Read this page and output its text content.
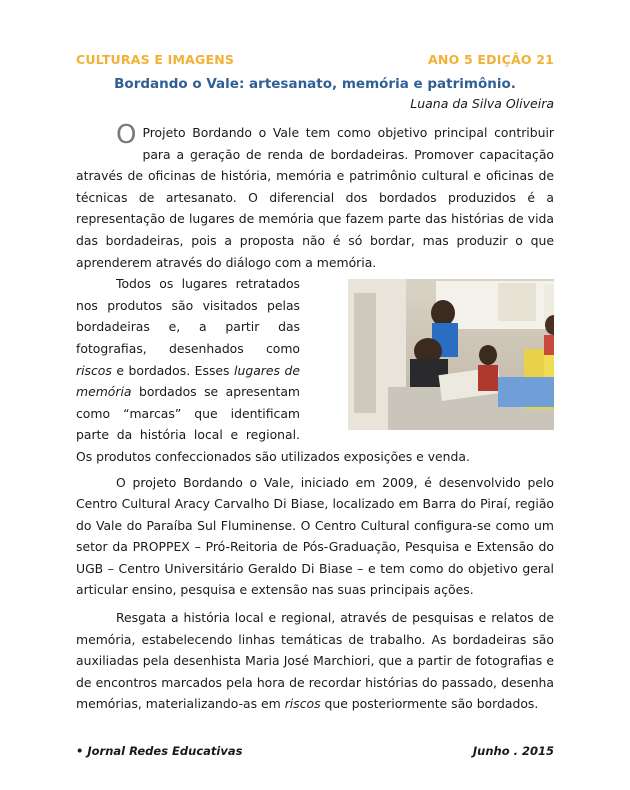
CULTURAS E IMAGENS	ANO 5 EDIÇÃO 21
Bordando o Vale: artesanato, memória e patrimônio.
Luana da Silva Oliveira

O Projeto Bordando o Vale tem como objetivo principal contribuir para a geração de renda de bordadeiras. Promover capacitação através de oficinas de história, memória e patrimônio cultural e oficinas de técnicas de artesanato. O diferencial dos bordados produzidos é a representação de lugares de memória que fazem parte das histórias de vida das bordadeiras, pois a proposta não é só bordar, mas produzir o que aprenderem através do diálogo com a memória.

Todos os lugares retratados nos produtos são visitados pelas bordadeiras e, a partir das fotografias, desenhados como riscos e bordados. Esses lugares de memória bordados se apresentam como “marcas” que identificam parte da história local e regional. Os produtos confeccionados são utilizados exposições e venda.

O projeto Bordando o Vale, iniciado em 2009, é desenvolvido pelo Centro Cultural Aracy Carvalho Di Biase, localizado em Barra do Piraí, região do Vale do Paraíba Sul Fluminense. O Centro Cultural configura-se como um setor da PROPPEX – Pró-Reitoria de Pós-Graduação, Pesquisa e Extensão do UGB – Centro Universitário Geraldo Di Biase – e tem como do objetivo geral articular ensino, pesquisa e extensão nas suas principais ações.

Resgata a história local e regional, através de pesquisas e relatos de memória, estabelecendo linhas temáticas de trabalho. As bordadeiras são auxiliadas pela desenhista Maria José Marchiori, que a partir de fotografias e de encontros marcados pela hora de recordar histórias do passado, desenha memórias, materializando-as em riscos que posteriormente são bordados.

• Jornal Redes Educativas	Junho . 2015
